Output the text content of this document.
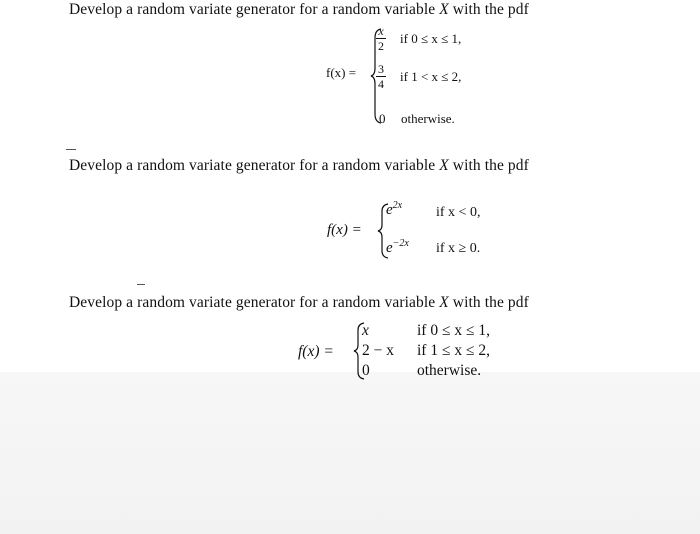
Develop a random variate generator for a random variable X with the pdf
f(x) =
x
2 if 0 ≤ x ≤ 1,
3
4 if 1 < x ≤ 2,
0 otherwise.
Develop a random variate generator for a random variable X with the pdf
f(x) =
$e^{2x}$ if x < 0,
$e^{-2x}$ if x ≥ 0.
Develop a random variate generator for a random variable X with the pdf
f(x) =
x	if 0 ≤ x ≤ 1,
2 − x if 1 ≤ x ≤ 2,
0	otherwise.
